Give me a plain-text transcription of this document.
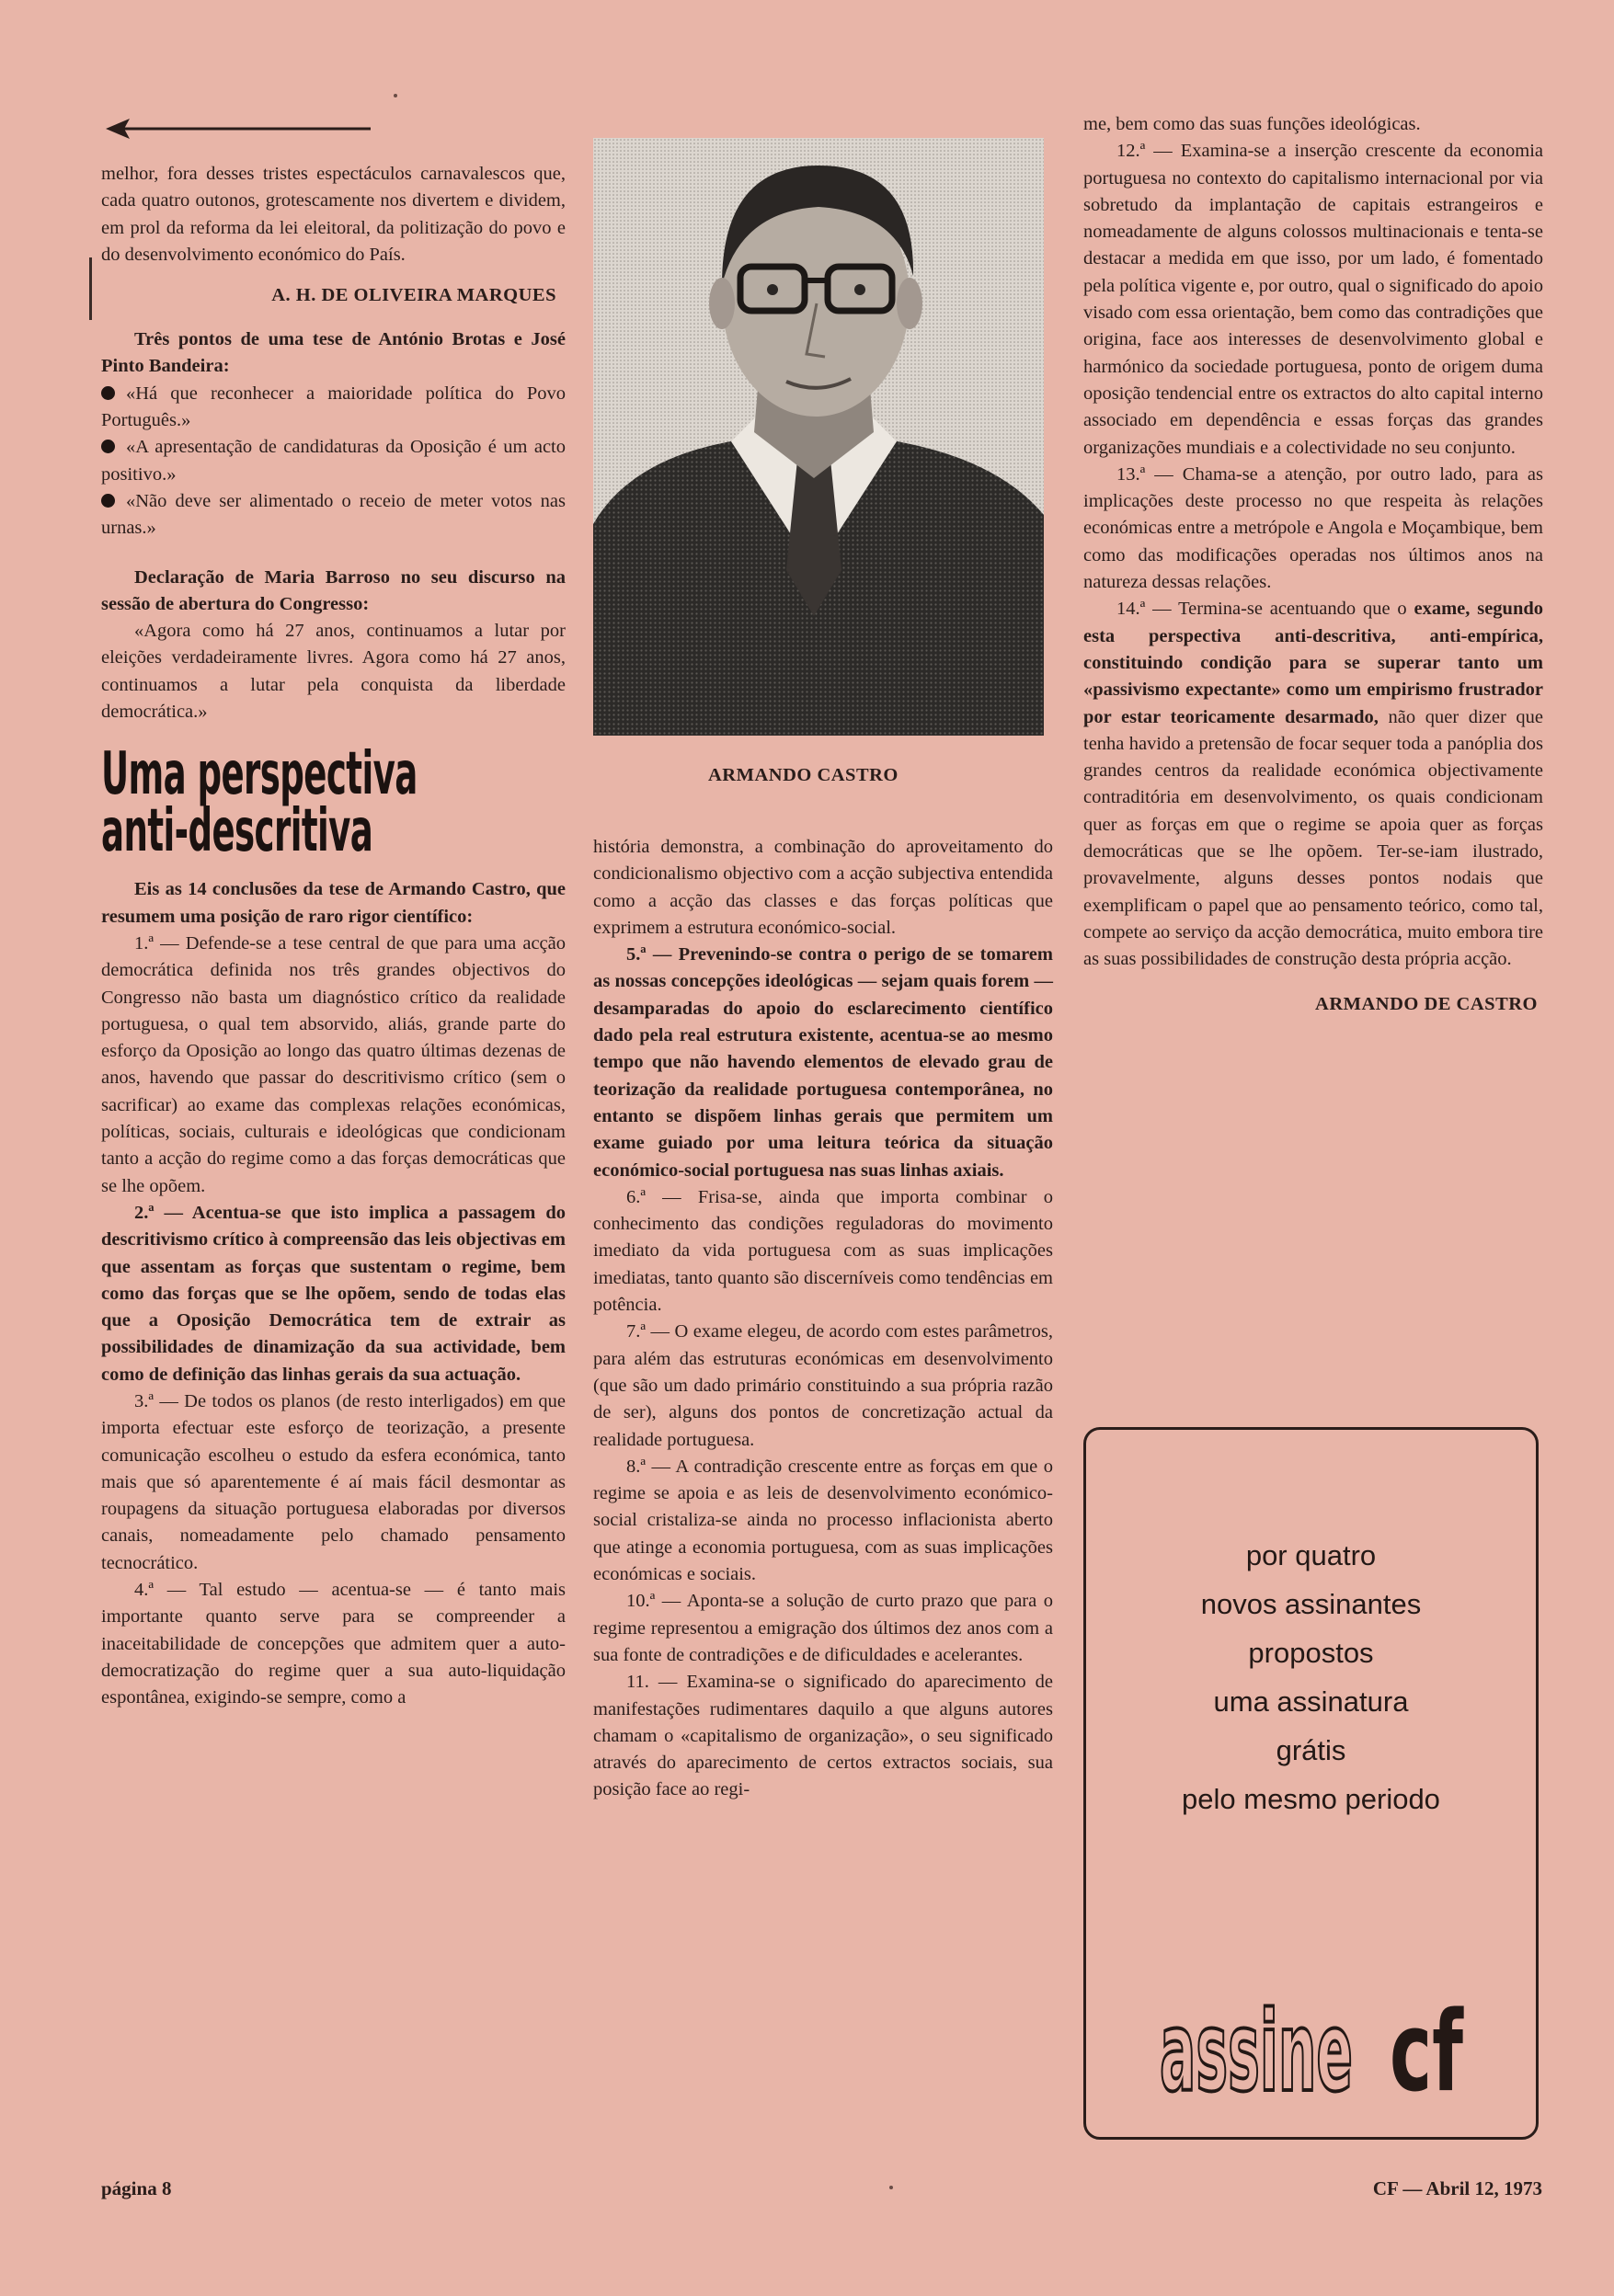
melhor, fora desses tristes espectáculos carnavalescos que, cada quatro outonos, grotescamente nos divertem e dividem, em prol da reforma da lei eleitoral, da politização do povo e do desenvolvimento económico do País.

A. H. DE OLIVEIRA MARQUES

Três pontos de uma tese de António Brotas e José Pinto Bandeira:

«Há que reconhecer a maioridade política do Povo Português.»

«A apresentação de candidaturas da Oposição é um acto positivo.»

«Não deve ser alimentado o receio de meter votos nas urnas.»

Declaração de Maria Barroso no seu discurso na sessão de abertura do Congresso:

«Agora como há 27 anos, continuamos a lutar por eleições verdadeiramente livres. Agora como há 27 anos, continuamos a lutar pela conquista da liberdade democrática.»

Uma perspectiva

anti-descritiva

Eis as 14 conclusões da tese de Armando Castro, que resumem uma posição de raro rigor científico:

1.ª — Defende-se a tese central de que para uma acção democrática definida nos três grandes objectivos do Congresso não basta um diagnóstico crítico da realidade portuguesa, o qual tem absorvido, aliás, grande parte do esforço da Oposição ao longo das quatro últimas dezenas de anos, havendo que passar do descritivismo crítico (sem o sacrificar) ao exame das complexas relações económicas, políticas, sociais, culturais e ideológicas que condicionam tanto a acção do regime como a das forças democráticas que se lhe opõem.

2.ª — Acentua-se que isto implica a passagem do descritivismo crítico à compreensão das leis objectivas em que assentam as forças que sustentam o regime, bem como das forças que se lhe opõem, sendo de todas elas que a Oposição Democrática tem de extrair as possibilidades de dinamização da sua actividade, bem como de definição das linhas gerais da sua actuação.

3.ª — De todos os planos (de resto interligados) em que importa efectuar este esforço de teorização, a presente comunicação escolheu o estudo da esfera económica, tanto mais que só aparentemente é aí mais fácil desmontar as roupagens da situação portuguesa elaboradas por diversos canais, nomeadamente pelo chamado pensamento tecnocrático.

4.ª — Tal estudo — acentua-se — é tanto mais importante quanto serve para se compreender a inaceitabilidade de concepções que admitem quer a auto-democratização do regime quer a sua auto-liquidação espontânea, exigindo-se sempre, como a

ARMANDO CASTRO

história demonstra, a combinação do aproveitamento do condicionalismo objectivo com a acção subjectiva entendida como a acção das classes e das forças políticas que exprimem a estrutura económico-social.

5.ª — Prevenindo-se contra o perigo de se tomarem as nossas concepções ideológicas — sejam quais forem — desamparadas do apoio do esclarecimento científico dado pela real estrutura existente, acentua-se ao mesmo tempo que não havendo elementos de elevado grau de teorização da realidade portuguesa contemporânea, no entanto se dispõem linhas gerais que permitem um exame guiado por uma leitura teórica da situação económico-social portuguesa nas suas linhas axiais.

6.ª — Frisa-se, ainda que importa combinar o conhecimento das condições reguladoras do movimento imediato da vida portuguesa com as suas implicações imediatas, tanto quanto são discerníveis como tendências em potência.

7.ª — O exame elegeu, de acordo com estes parâmetros, para além das estruturas económicas em desenvolvimento (que são um dado primário constituindo a sua própria razão de ser), alguns dos pontos de concretização actual da realidade portuguesa.

8.ª — A contradição crescente entre as forças em que o regime se apoia e as leis de desenvolvimento económico-social cristaliza-se ainda no processo inflacionista aberto que atinge a economia portuguesa, com as suas implicações económicas e sociais.

10.ª — Aponta-se a solução de curto prazo que para o regime representou a emigração dos últimos dez anos com a sua fonte de contradições e de dificuldades e acelerantes.

11. — Examina-se o significado do aparecimento de manifestações rudimentares daquilo a que alguns autores chamam o «capitalismo de organização», o seu significado através do aparecimento de certos extractos sociais, sua posição face ao regi-

me, bem como das suas funções ideológicas.

12.ª — Examina-se a inserção crescente da economia portuguesa no contexto do capitalismo internacional por via sobretudo da implantação de capitais estrangeiros e nomeadamente de alguns colossos multinacionais e tenta-se destacar a medida em que isso, por um lado, é fomentado pela política vigente e, por outro, qual o significado do apoio visado com essa orientação, bem como das contradições que origina, face aos interesses de desenvolvimento global e harmónico da sociedade portuguesa, ponto de origem duma oposição tendencial entre os extractos do alto capital interno associado em dependência e essas forças das grandes organizações mundiais e a colectividade no seu conjunto.

13.ª — Chama-se a atenção, por outro lado, para as implicações deste processo no que respeita às relações económicas entre a metrópole e Angola e Moçambique, bem como das modificações operadas nos últimos anos na natureza dessas relações.

14.ª — Termina-se acentuando que o exame, segundo esta perspectiva anti-descritiva, anti-empírica, constituindo condição para se superar tanto um «passivismo expectante» como um empirismo frustrador por estar teoricamente desarmado, não quer dizer que tenha havido a pretensão de focar sequer toda a panóplia dos grandes centros da realidade económica objectivamente contraditória em desenvolvimento, os quais condicionam quer as forças em que o regime se apoia quer as forças democráticas que se lhe opõem. Ter-se-iam ilustrado, provavelmente, alguns desses pontos nodais que exemplificam o papel que ao pensamento teórico, como tal, compete ao serviço da acção democrática, muito embora tire as suas possibilidades de construção desta própria acção.

ARMANDO DE CASTRO

por quatro
novos assinantes
propostos
uma assinatura
grátis
pelo mesmo periodo
assine cf
página 8	CF — Abril 12, 1973
